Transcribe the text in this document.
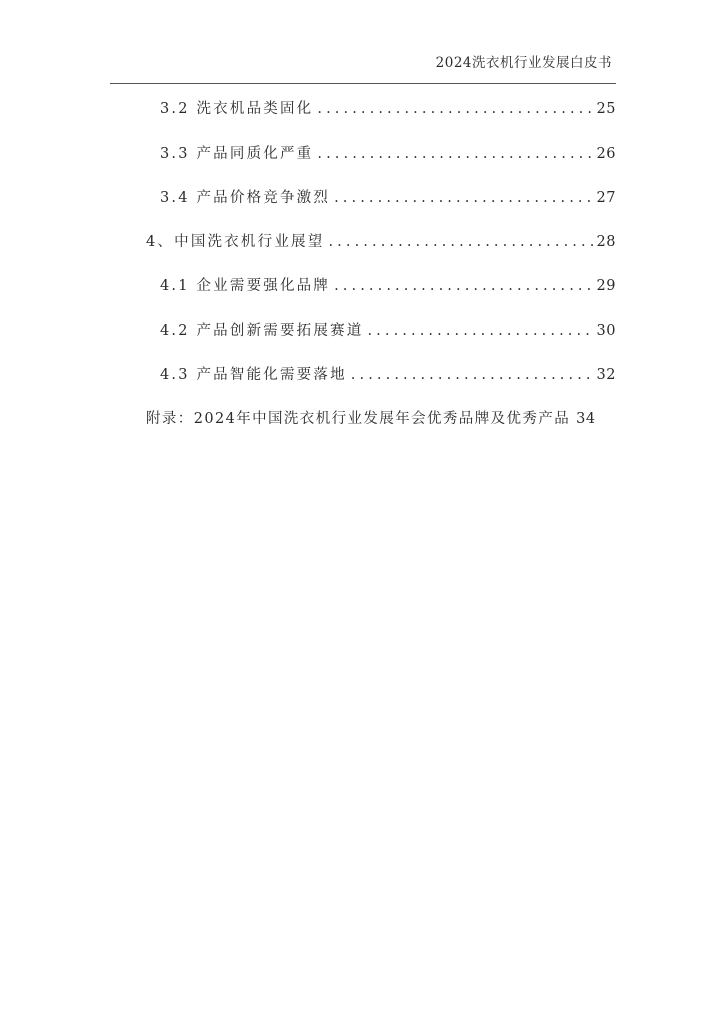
2024洗衣机行业发展白皮书
3.2 洗衣机品类固化 .....	25
3.3 产品同质化严重 .....	26
3.4 产品价格竞争激烈 .....	27
4、中国洗衣机行业展望 .....	28
4.1 企业需要强化品牌 .....	29
4.2 产品创新需要拓展赛道 .....	30
4.3 产品智能化需要落地 .....	32
附录：2024年中国洗衣机行业发展年会优秀品牌及优秀产品 34
